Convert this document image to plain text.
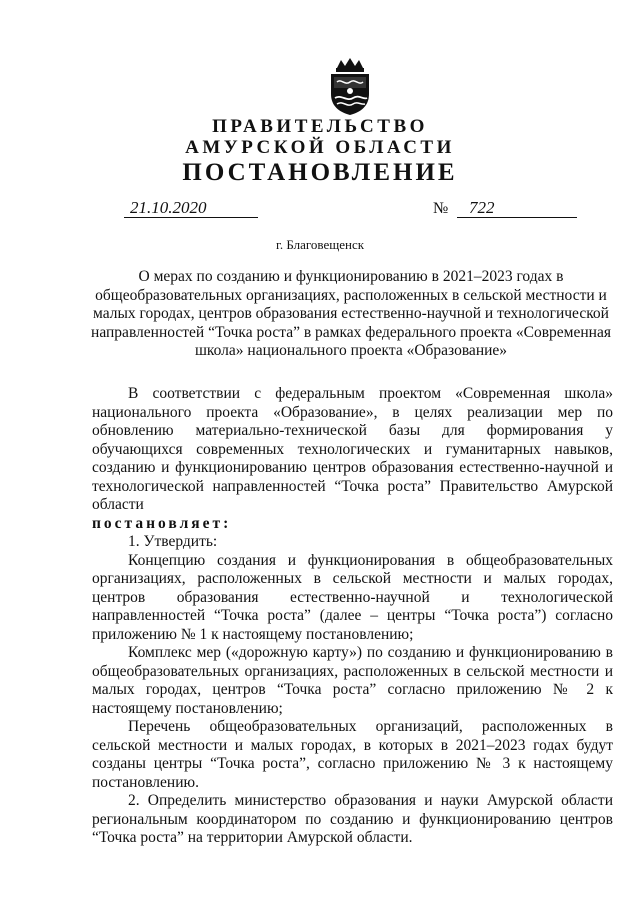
ПРАВИТЕЛЬСТВО
АМУРСКОЙ ОБЛАСТИ
ПОСТАНОВЛЕНИЕ
21.10.2020	№	722
г. Благовещенск
О мерах по созданию и функционированию в 2021–2023 годах в общеобразовательных организациях, расположенных в сельской местности и малых городах, центров образования естественно-научной и технологической направленностей “Точка роста” в рамках федерального проекта «Современная школа» национального проекта «Образование»

В соответствии с федеральным проектом «Современная школа» национального проекта «Образование», в целях реализации мер по обновлению материально-технической базы для формирования у обучающихся современных технологических и гуманитарных навыков, созданию и функционированию центров образования естественно-научной и технологической направленностей “Точка роста” Правительство Амурской области

постановляет:

1. Утвердить:

Концепцию создания и функционирования в общеобразовательных организациях, расположенных в сельской местности и малых городах, центров образования естественно-научной и технологической направленностей “Точка роста” (далее – центры “Точка роста”) согласно приложению № 1 к настоящему постановлению;

Комплекс мер («дорожную карту») по созданию и функционированию в общеобразовательных организациях, расположенных в сельской местности и малых городах, центров “Точка роста” согласно приложению № 2 к настоящему постановлению;

Перечень общеобразовательных организаций, расположенных в сельской местности и малых городах, в которых в 2021–2023 годах будут созданы центры “Точка роста”, согласно приложению № 3 к настоящему постановлению.

2. Определить министерство образования и науки Амурской области региональным координатором по созданию и функционированию центров “Точка роста” на территории Амурской области.
